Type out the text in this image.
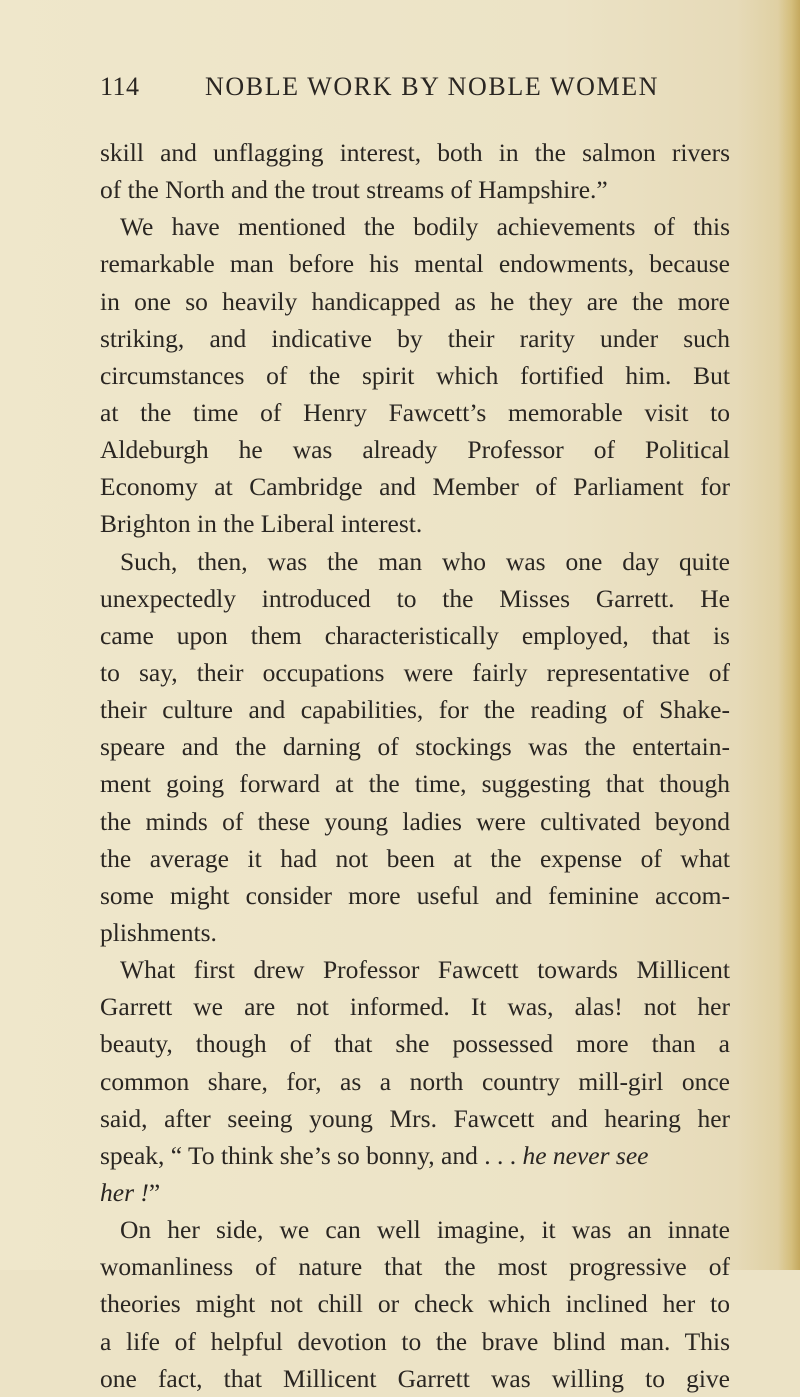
114	NOBLE WORK BY NOBLE WOMEN
skill and unflagging interest, both in the salmon rivers
of the North and the trout streams of Hampshire.”
We have mentioned the bodily achievements of this
remarkable man before his mental endowments, because
in one so heavily handicapped as he they are the more
striking, and indicative by their rarity under such
circumstances of the spirit which fortified him. But
at the time of Henry Fawcett’s memorable visit to
Aldeburgh he was already Professor of Political
Economy at Cambridge and Member of Parliament for
Brighton in the Liberal interest.
Such, then, was the man who was one day quite
unexpectedly introduced to the Misses Garrett. He
came upon them characteristically employed, that is
to say, their occupations were fairly representative of
their culture and capabilities, for the reading of Shake-
speare and the darning of stockings was the entertain-
ment going forward at the time, suggesting that though
the minds of these young ladies were cultivated beyond
the average it had not been at the expense of what
some might consider more useful and feminine accom-
plishments.
What first drew Professor Fawcett towards Millicent
Garrett we are not informed. It was, alas! not her
beauty, though of that she possessed more than a
common share, for, as a north country mill-girl once
said, after seeing young Mrs. Fawcett and hearing her
speak, “ To think she’s so bonny, and . . . he never see
her !”
On her side, we can well imagine, it was an innate
womanliness of nature that the most progressive of
theories might not chill or check which inclined her to
a life of helpful devotion to the brave blind man. This
one fact, that Millicent Garrett was willing to give
